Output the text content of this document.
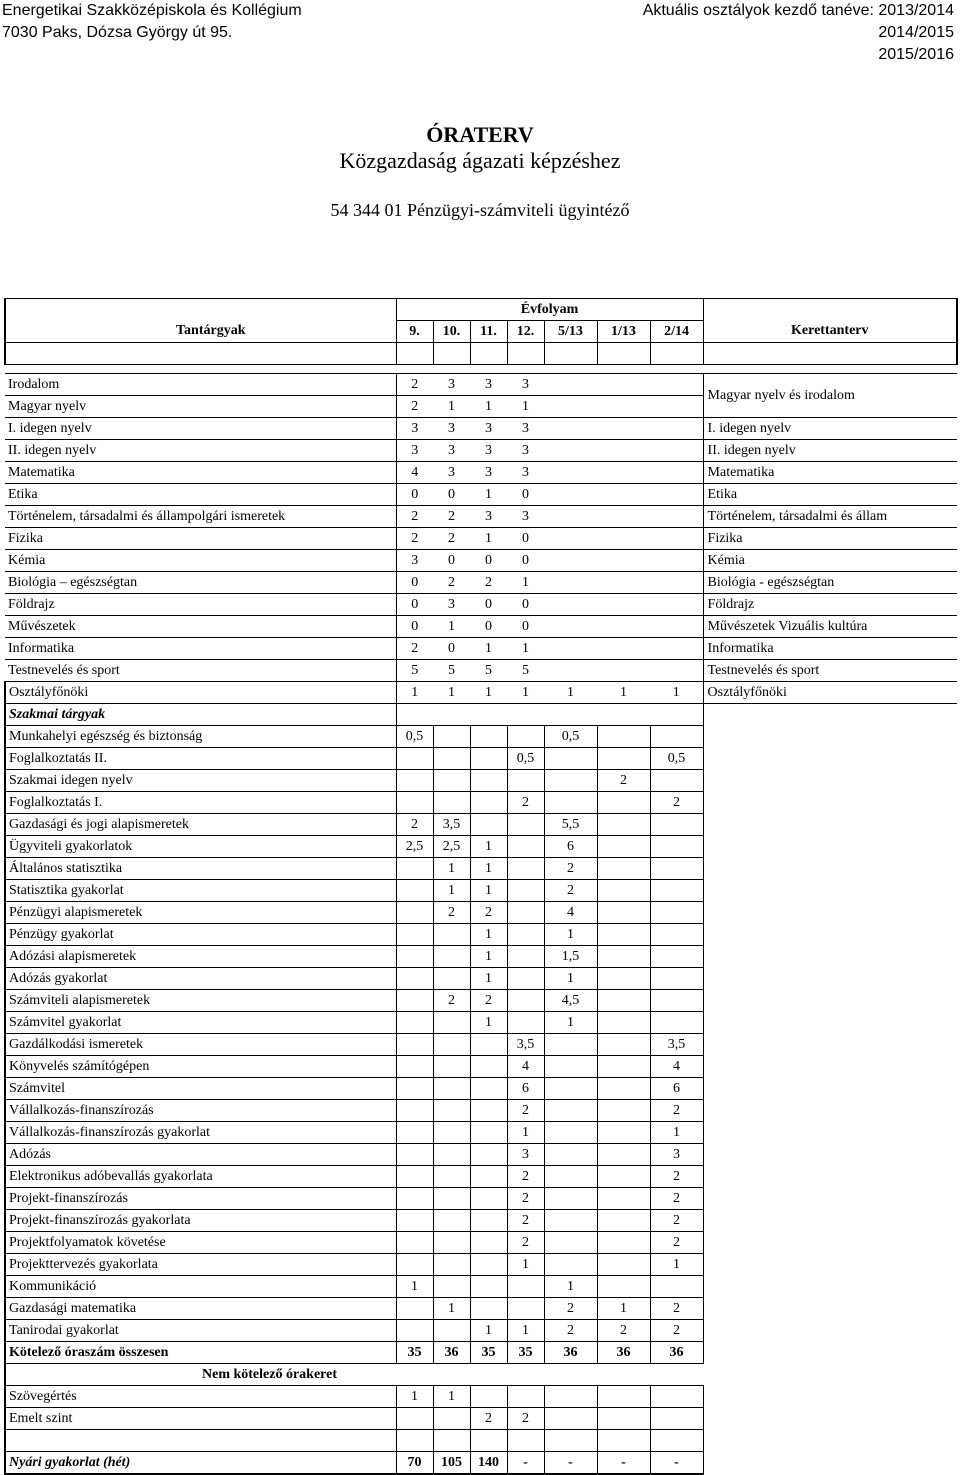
Energetikai Szakközépiskola és Kollégium
7030 Paks, Dózsa György út 95.
Aktuális osztályok kezdő tanéve: 2013/2014
2014/2015
2015/2016
ÓRATERV
Közgazdaság ágazati képzéshez
54 344 01 Pénzügyi-számviteli ügyintéző
	Évfolyam							
Tantárgyak	9.	10.	11.	12.	5/13	1/13	2/14	Kerettanterv

Irodalom	2	3	3	3				Magyar nyelv és irodalom
Magyar nyelv	2	1	1	1				
I. idegen nyelv	3	3	3	3				I. idegen nyelv
II. idegen nyelv	3	3	3	3				II. idegen nyelv
Matematika	4	3	3	3				Matematika
Etika	0	0	1	0				Etika
Történelem, társadalmi és állampolgári ismeretek	2	2	3	3				Történelem, társadalmi és állam
Fizika	2	2	1	0				Fizika
Kémia	3	0	0	0				Kémia
Biológia – egészségtan	0	2	2	1				Biológia - egészségtan
Földrajz	0	3	0	0				Földrajz
Művészetek	0	1	0	0				Művészetek Vizuális kultúra
Informatika	2	0	1	1				Informatika
Testnevelés és sport	5	5	5	5				Testnevelés és sport
Osztályfőnöki	1	1	1	1	1	1	1	Osztályfőnöki
Szakmai tárgyak								
Munkahelyi egészség és biztonság	0,5				0,5			
Foglalkoztatás II.				0,5			0,5	
Szakmai idegen nyelv						2		
Foglalkoztatás I.				2			2	
Gazdasági és jogi alapismeretek	2	3,5			5,5			
Ügyviteli gyakorlatok	2,5	2,5	1		6			
Általános statisztika		1	1		2			
Statisztika gyakorlat		1	1		2			
Pénzügyi alapismeretek		2	2		4			
Pénzügy gyakorlat			1		1			
Adózási alapismeretek			1		1,5			
Adózás gyakorlat			1		1			
Számviteli alapismeretek		2	2		4,5			
Számvitel gyakorlat			1		1			
Gazdálkodási ismeretek				3,5			3,5	
Könyvelés számítógépen				4			4	
Számvitel				6			6	
Vállalkozás-finanszírozás				2			2	
Vállalkozás-finanszírozás gyakorlat				1			1	
Adózás				3			3	
Elektronikus adóbevallás gyakorlata				2			2	
Projekt-finanszírozás				2			2	
Projekt-finanszírozás gyakorlata				2			2	
Projektfolyamatok követése				2			2	
Projekttervezés gyakorlata				1			1	
Kommunikáció	1				1			
Gazdasági matematika		1			2	1	2	
Tanirodai gyakorlat			1	1	2	2	2	
Kötelező óraszám összesen	35	36	35	35	36	36	36	
Nem kötelező órakeret								
Szövegértés	1	1						
Emelt szint			2	2				

Nyári gyakorlat (hét)	70	105	140	-	-	-	-	
